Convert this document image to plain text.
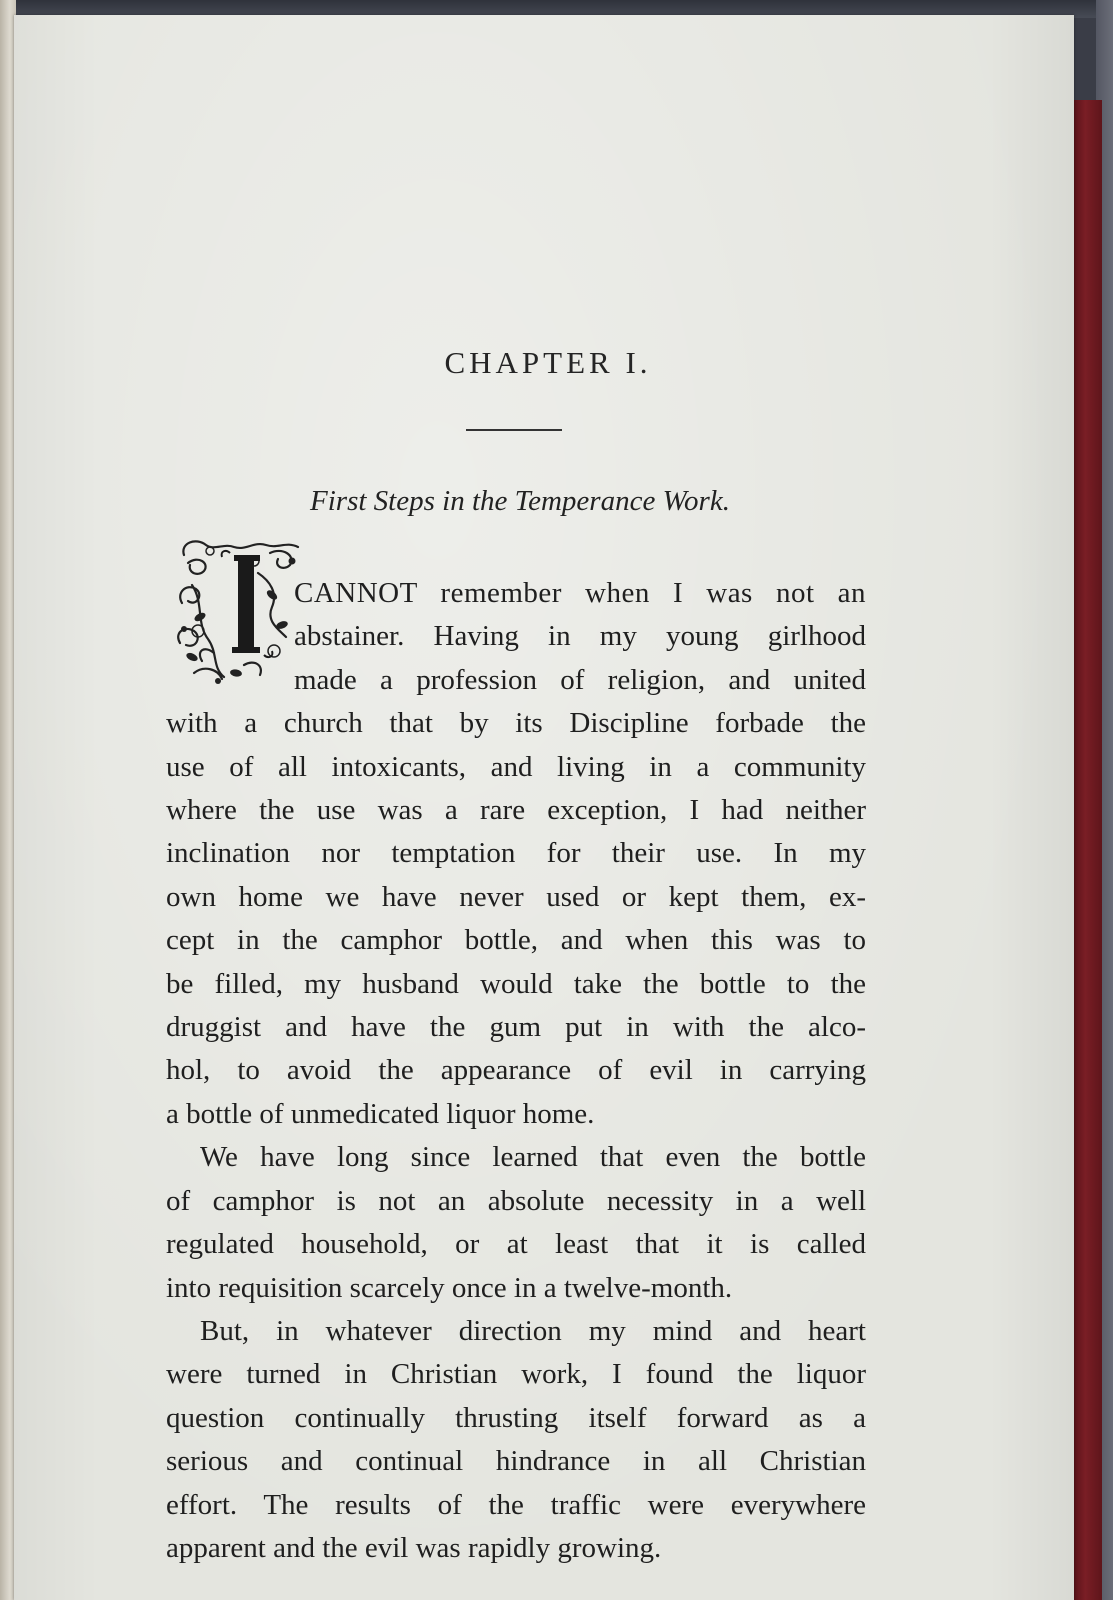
CHAPTER I.
First Steps in the Temperance Work.
CANNOT remember when I was not an
abstainer. Having in my young girlhood
made a profession of religion, and united
with a church that by its Discipline forbade the
use of all intoxicants, and living in a community
where the use was a rare exception, I had neither
inclination nor temptation for their use. In my
own home we have never used or kept them, ex-
cept in the camphor bottle, and when this was to
be filled, my husband would take the bottle to the
druggist and have the gum put in with the alco-
hol, to avoid the appearance of evil in carrying
a bottle of unmedicated liquor home.
We have long since learned that even the bottle
of camphor is not an absolute necessity in a well
regulated household, or at least that it is called
into requisition scarcely once in a twelve-month.
But, in whatever direction my mind and heart
were turned in Christian work, I found the liquor
question continually thrusting itself forward as a
serious and continual hindrance in all Christian
effort. The results of the traffic were everywhere
apparent and the evil was rapidly growing.
